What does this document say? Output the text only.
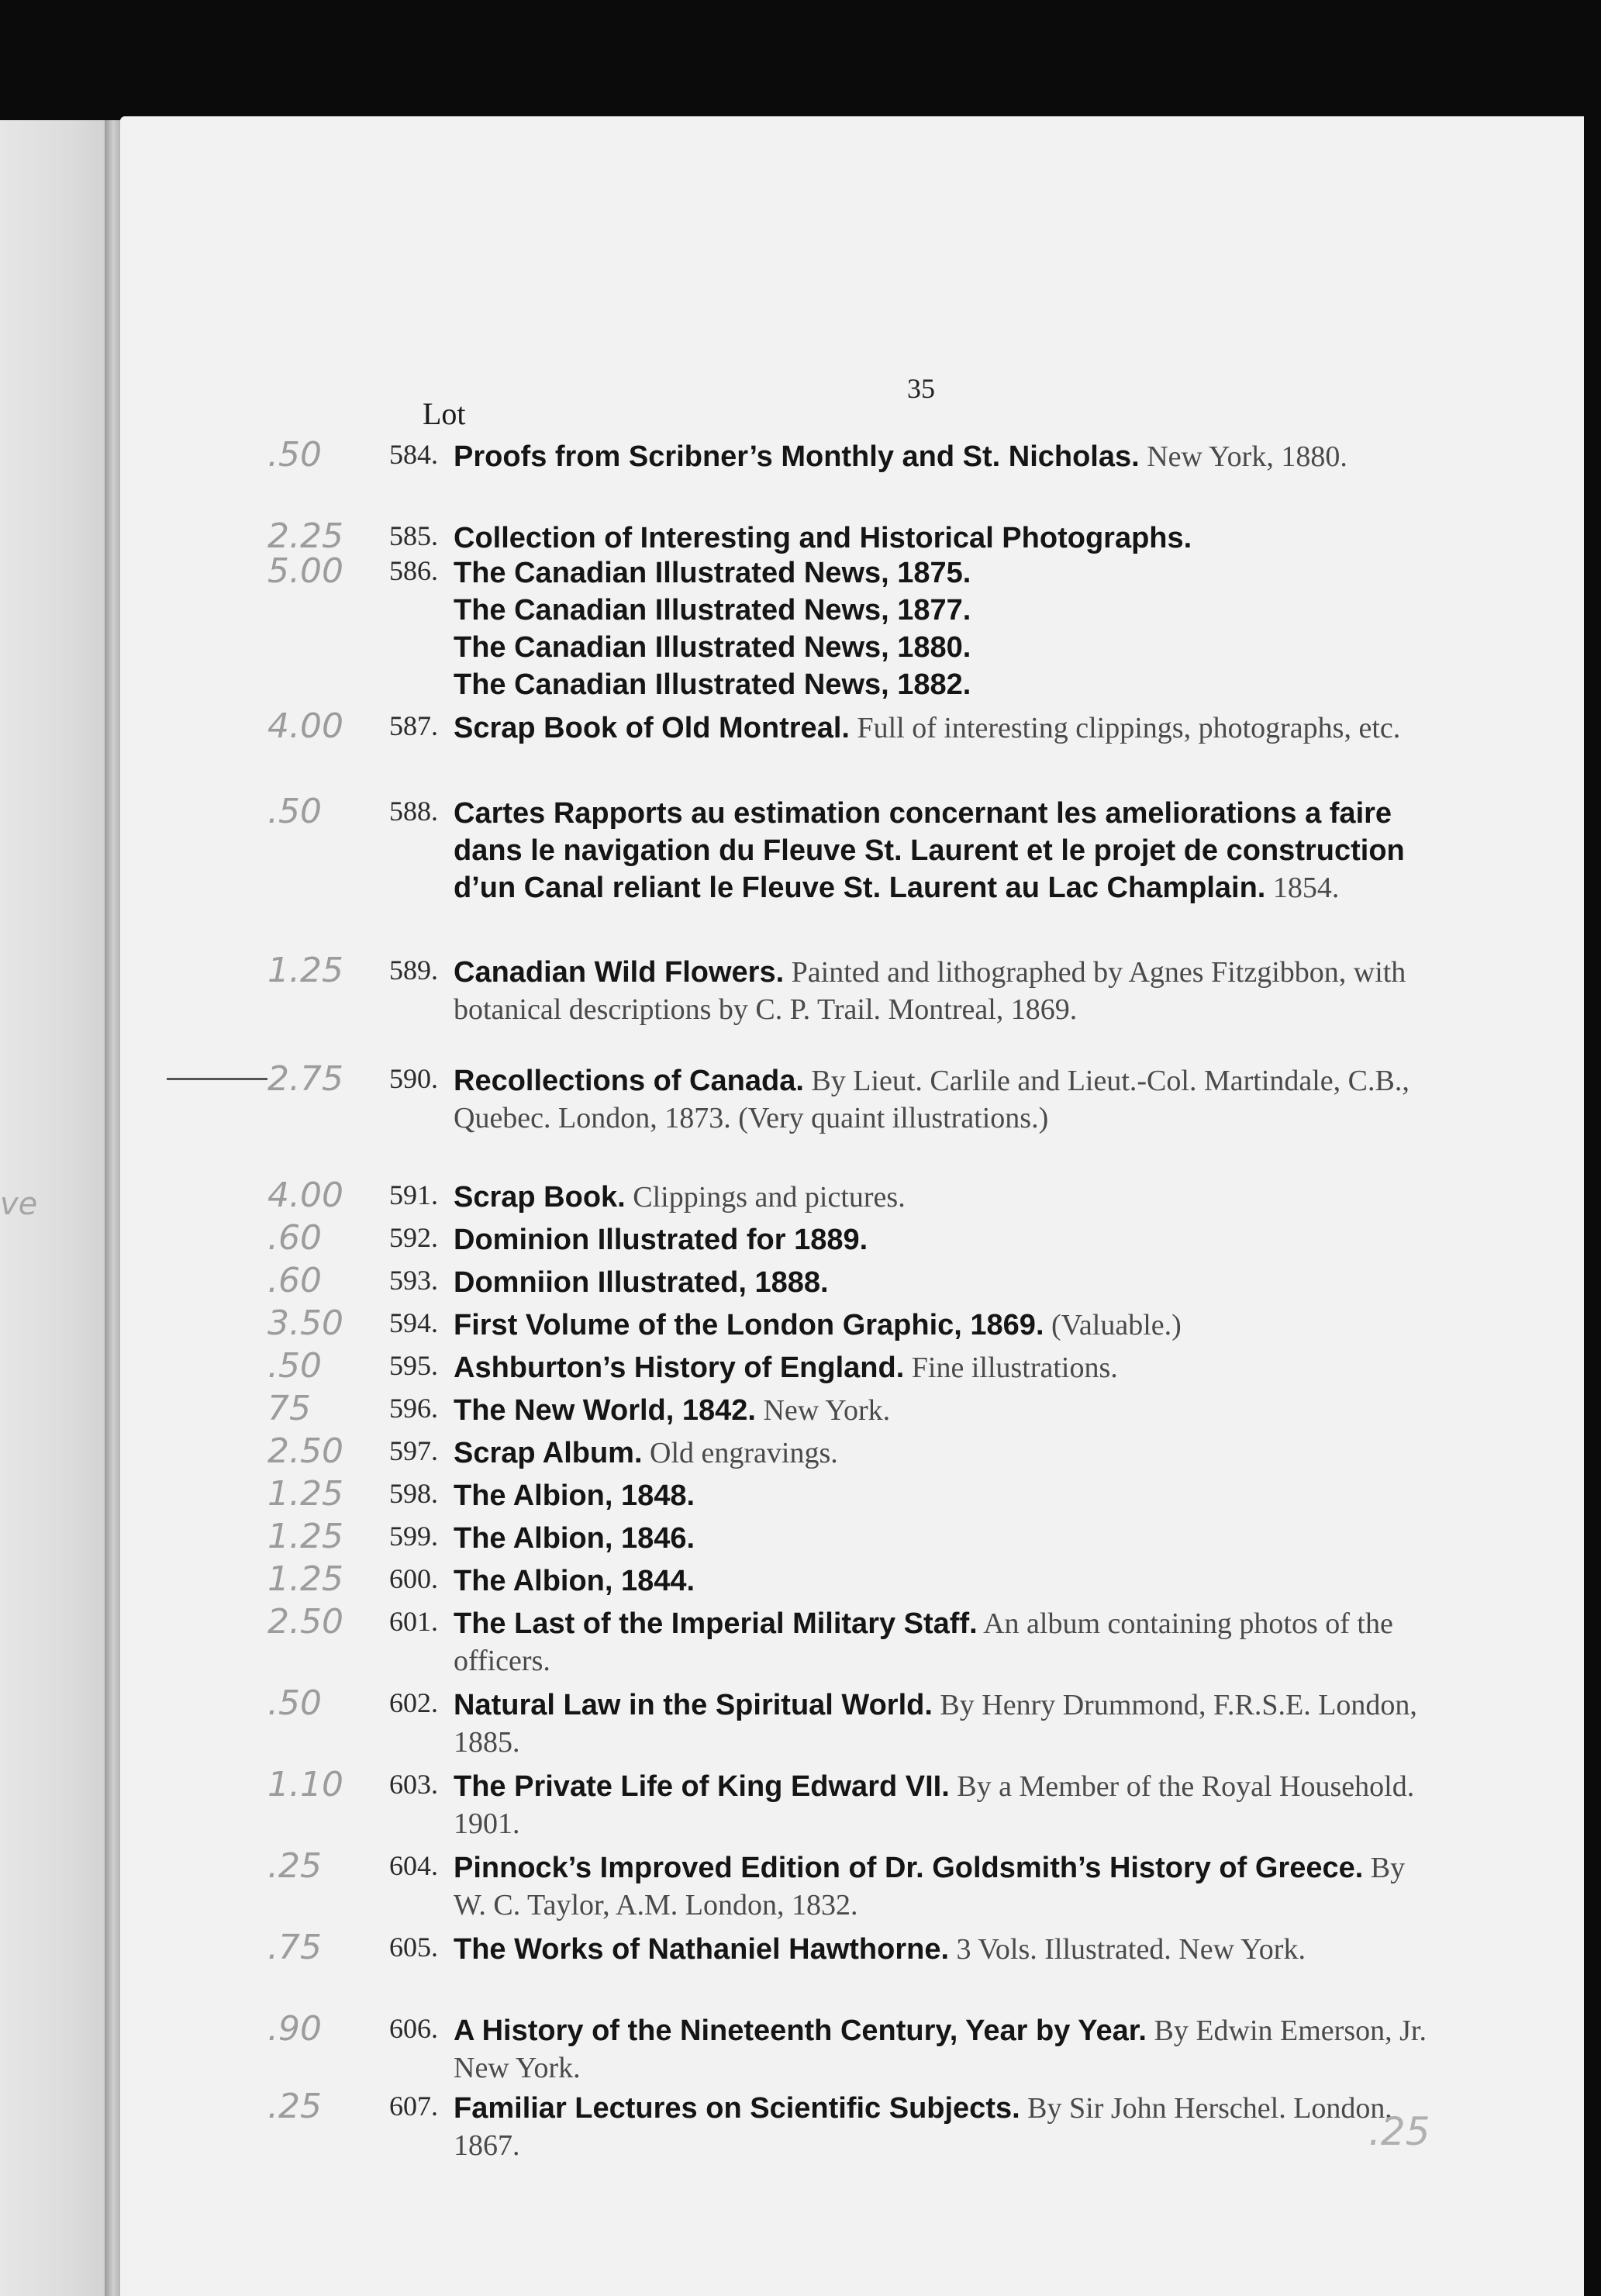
ve
35
Lot
.50	584. Proofs from Scribner’s Monthly and St. Nicholas. New York, 1880.
2.25	585. Collection of Interesting and Historical Photographs.
5.00	586. The Canadian Illustrated News, 1875.
The Canadian Illustrated News, 1877.
The Canadian Illustrated News, 1880.
The Canadian Illustrated News, 1882.
4.00	587. Scrap Book of Old Montreal. Full of interesting clippings, photographs, etc.
.50	588. Cartes Rapports au estimation concernant les ameliorations a faire dans le navigation du Fleuve St. Laurent et le projet de construction d’un Canal reliant le Fleuve St. Laurent au Lac Champlain. 1854.
1.25	589. Canadian Wild Flowers. Painted and lithographed by Agnes Fitzgibbon, with botanical descriptions by C. P. Trail. Montreal, 1869.
2.75	590. Recollections of Canada. By Lieut. Carlile and Lieut.-Col. Martindale, C.B., Quebec. London, 1873. (Very quaint illustrations.)
4.00	591. Scrap Book. Clippings and pictures.
.60	592. Dominion Illustrated for 1889.
.60	593. Domniion Illustrated, 1888.
3.50	594. First Volume of the London Graphic, 1869. (Valuable.)
.50	595. Ashburton’s History of England. Fine illustrations.
75	596. The New World, 1842. New York.
2.50	597. Scrap Album. Old engravings.
1.25	598. The Albion, 1848.
1.25	599. The Albion, 1846.
1.25	600. The Albion, 1844.
2.50	601. The Last of the Imperial Military Staff. An album containing photos of the officers.
.50	602. Natural Law in the Spiritual World. By Henry Drummond, F.R.S.E. London, 1885.
1.10	603. The Private Life of King Edward VII. By a Member of the Royal Household. 1901.
.25	604. Pinnock’s Improved Edition of Dr. Goldsmith’s History of Greece. By W. C. Taylor, A.M. London, 1832.
.75	605. The Works of Nathaniel Hawthorne. 3 Vols. Illustrated. New York.
.90	606. A History of the Nineteenth Century, Year by Year. By Edwin Emerson, Jr. New York.
.25	607. Familiar Lectures on Scientific Subjects. By Sir John Herschel. London, 1867.	.25
